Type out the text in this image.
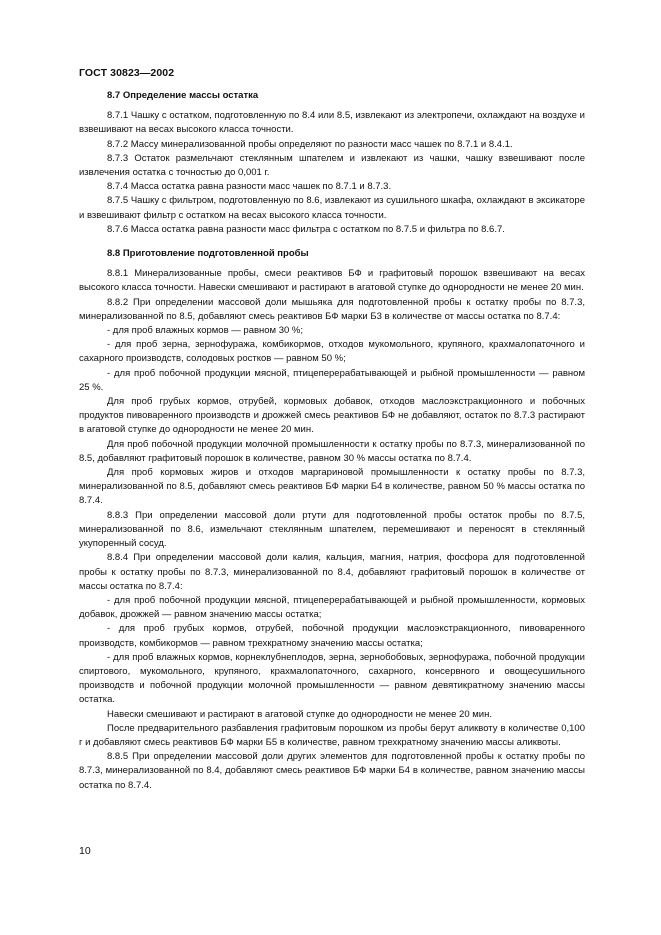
ГОСТ 30823—2002
8.7 Определение массы остатка

8.7.1 Чашку с остатком, подготовленную по 8.4 или 8.5, извлекают из электропечи, охлаждают на воздухе и взвешивают на весах высокого класса точности.

8.7.2 Массу минерализованной пробы определяют по разности масс чашек по 8.7.1 и 8.4.1.

8.7.3 Остаток размельчают стеклянным шпателем и извлекают из чашки, чашку взвешивают после извлечения остатка с точностью до 0,001 г.

8.7.4 Масса остатка равна разности масс чашек по 8.7.1 и 8.7.3.

8.7.5 Чашку с фильтром, подготовленную по 8.6, извлекают из сушильного шкафа, охлаждают в эксикаторе и взвешивают фильтр с остатком на весах высокого класса точности.

8.7.6 Масса остатка равна разности масс фильтра с остатком по 8.7.5 и фильтра по 8.6.7.

8.8 Приготовление подготовленной пробы

8.8.1 Минерализованные пробы, смеси реактивов БФ и графитовый порошок взвешивают на весах высокого класса точности. Навески смешивают и растирают в агатовой ступке до однородности не менее 20 мин.

8.8.2 При определении массовой доли мышьяка для подготовленной пробы к остатку пробы по 8.7.3, минерализованной по 8.5, добавляют смесь реактивов БФ марки Б3 в количестве от массы остатка по 8.7.4:

- для проб влажных кормов — равном 30 %;

- для проб зерна, зернофуража, комбикормов, отходов мукомольного, крупяного, крахмалопаточного и сахарного производств, солодовых ростков — равном 50 %;

- для проб побочной продукции мясной, птицеперерабатывающей и рыбной промышленности — равном 25 %.

Для проб грубых кормов, отрубей, кормовых добавок, отходов маслоэкстракционного и побочных продуктов пивоваренного производств и дрожжей смесь реактивов БФ не добавляют, остаток по 8.7.3 растирают в агатовой ступке до однородности не менее 20 мин.

Для проб побочной продукции молочной промышленности к остатку пробы по 8.7.3, минерализованной по 8.5, добавляют графитовый порошок в количестве, равном 30 % массы остатка по 8.7.4.

Для проб кормовых жиров и отходов маргариновой промышленности к остатку пробы по 8.7.3, минерализованной по 8.5, добавляют смесь реактивов БФ марки Б4 в количестве, равном 50 % массы остатка по 8.7.4.

8.8.3 При определении массовой доли ртути для подготовленной пробы остаток пробы по 8.7.5, минерализованной по 8.6, измельчают стеклянным шпателем, перемешивают и переносят в стеклянный укупоренный сосуд.

8.8.4 При определении массовой доли калия, кальция, магния, натрия, фосфора для подготовленной пробы к остатку пробы по 8.7.3, минерализованной по 8.4, добавляют графитовый порошок в количестве от массы остатка по 8.7.4:

- для проб побочной продукции мясной, птицеперерабатывающей и рыбной промышленности, кормовых добавок, дрожжей — равном значению массы остатка;

- для проб грубых кормов, отрубей, побочной продукции маслоэкстракционного, пивоваренного производств, комбикормов — равном трехкратному значению массы остатка;

- для проб влажных кормов, корнеклубнеплодов, зерна, зернобобовых, зернофуража, побочной продукции спиртового, мукомольного, крупяного, крахмалопаточного, сахарного, консервного и овощесушильного производств и побочной продукции молочной промышленности — равном девятикратному значению массы остатка.

Навески смешивают и растирают в агатовой ступке до однородности не менее 20 мин.

После предварительного разбавления графитовым порошком из пробы берут аликвоту в количестве 0,100 г и добавляют смесь реактивов БФ марки Б5 в количестве, равном трехкратному значению массы аликвоты.

8.8.5 При определении массовой доли других элементов для подготовленной пробы к остатку пробы по 8.7.3, минерализованной по 8.4, добавляют смесь реактивов БФ марки Б4 в количестве, равном значению массы остатка по 8.7.4.

10
